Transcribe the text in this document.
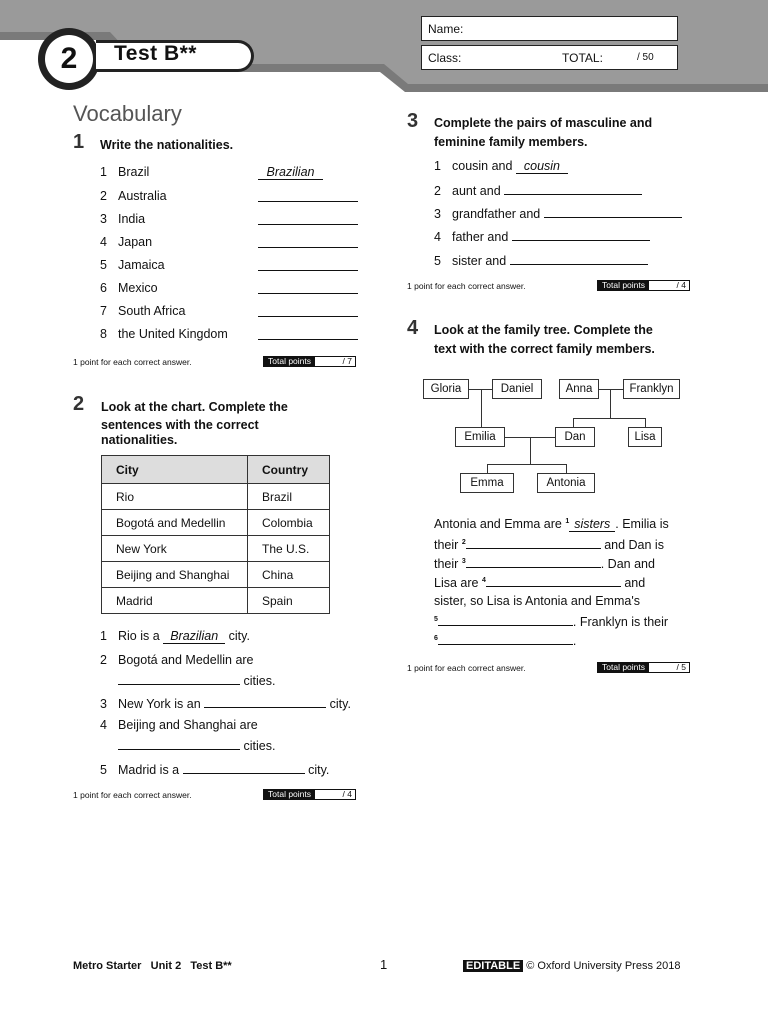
2	Test B**
Name:
Class:	TOTAL:	/ 50
Vocabulary
1 Write the nationalities.
1 Brazil	Brazilian
2 Australia
3 India
4 Japan
5 Jamaica
6 Mexico
7 South Africa
8 the United Kingdom
1 point for each correct answer.	Total points	/ 7
2 Look at the chart. Complete the
sentences with the correct
nationalities.
City	Country
Rio	Brazil
Bogotá and Medellin	Colombia
New York	The U.S.
Beijing and Shanghai	China
Madrid	Spain
1 Rio is a Brazilian city.
2 Bogotá and Medellin are
cities.
3 New York is an	city.
4 Beijing and Shanghai are
cities.
5 Madrid is a	city.
1 point for each correct answer.	Total points	/ 4
3 Complete the pairs of masculine and
feminine family members.
1 cousin and cousin
2 aunt and
3 grandfather and
4 father and
5 sister and
1 point for each correct answer.	Total points	/ 4
4 Look at the family tree. Complete the
text with the correct family members.
Gloria	Daniel	Anna	Franklyn
Emilia	Dan	Lisa
Emma	Antonia
Antonia and Emma are $^1$ sisters . Emilia is
their $^2$	and Dan is
their $^3$	. Dan and
Lisa are $^4$	and
sister, so Lisa is Antonia and Emma's
$^5$	. Franklyn is their
$^6$	.
1 point for each correct answer.	Total points	/ 5
Metro Starter   Unit 2   Test B**	1	EDITABLE © Oxford University Press 2018
